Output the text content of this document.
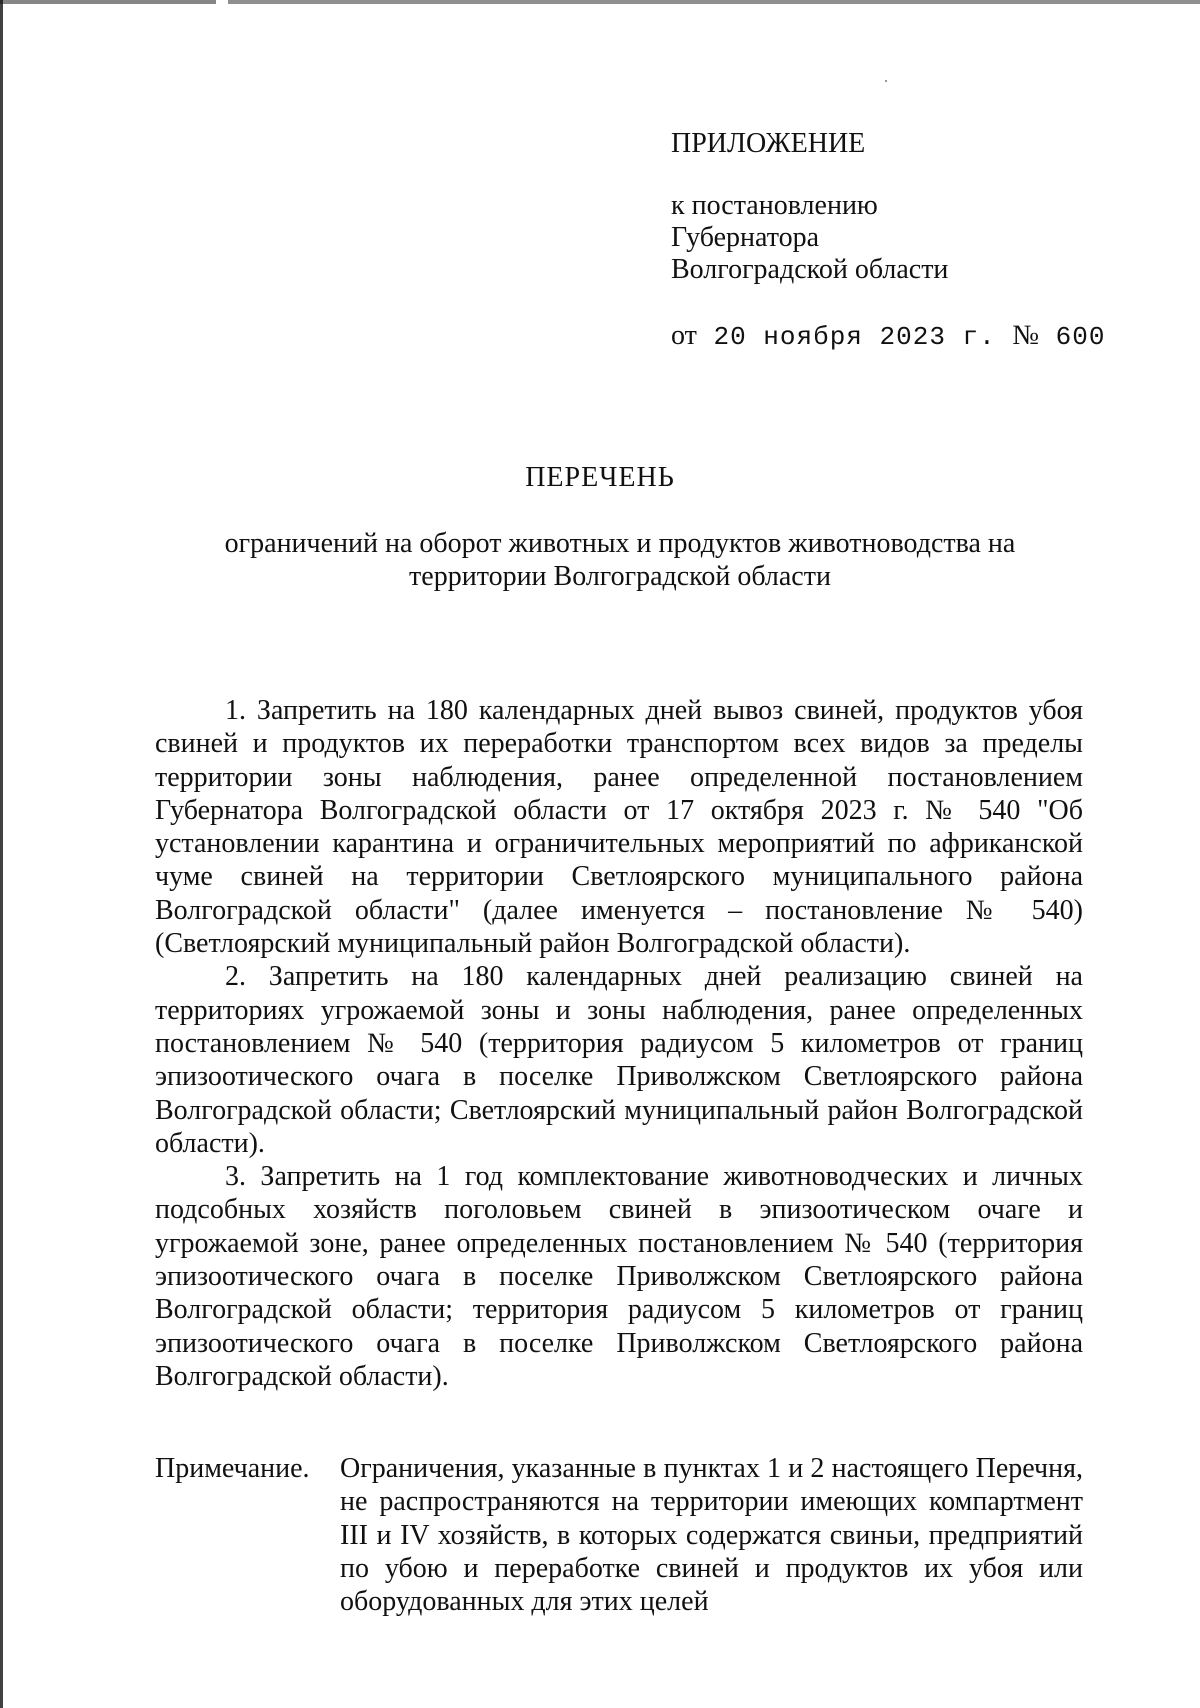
ПРИЛОЖЕНИЕ

к постановлению

Губернатора

Волгоградской области

от 20 ноября 2023 г. № 600
ПЕРЕЧЕНЬ
ограничений на оборот животных и продуктов животноводства на территории Волгоградской области

1. Запретить на 180 календарных дней вывоз свиней, продуктов убоя свиней и продуктов их переработки транспортом всех видов за пределы территории зоны наблюдения, ранее определенной постановлением Губернатора Волгоградской области от 17 октября 2023 г. № 540 "Об установлении карантина и ограничительных мероприятий по африканской чуме свиней на территории Светлоярского муниципального района Волгоградской области" (далее именуется – постановление № 540) (Светлоярский муниципальный район Волгоградской области).

2. Запретить на 180 календарных дней реализацию свиней на территориях угрожаемой зоны и зоны наблюдения, ранее определенных постановлением № 540 (территория радиусом 5 километров от границ эпизоотического очага в поселке Приволжском Светлоярского района Волгоградской области; Светлоярский муниципальный район Волгоградской области).

3. Запретить на 1 год комплектование животноводческих и личных подсобных хозяйств поголовьем свиней в эпизоотическом очаге и угрожаемой зоне, ранее определенных постановлением № 540 (территория эпизоотического очага в поселке Приволжском Светлоярского района Волгоградской области; территория радиусом 5 километров от границ эпизоотического очага в поселке Приволжском Светлоярского района Волгоградской области).

Примечание.	Ограничения, указанные в пунктах 1 и 2 настоящего Перечня, не распространяются на территории имеющих компартмент III и IV хозяйств, в которых содержатся свиньи, предприятий по убою и переработке свиней и продуктов их убоя или оборудованных для этих целей
